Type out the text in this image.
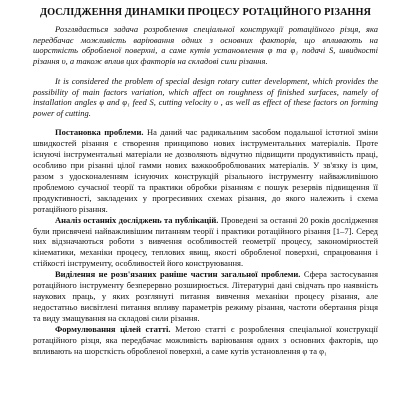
ДОСЛІДЖЕННЯ ДИНАМІКИ ПРОЦЕСУ РОТАЦІЙНОГО РІЗАННЯ

Розглядається задача розроблення спеціальної конструкції ротаційного різця, яка передбачає можливість варіювання одних з основних факторів, що впливають на шорсткість обробленої поверхні, а саме кутів установлення φ та φ₁ подачі S, швидкості різання υ, а також вплив цих факторів на складові сили різання.

It is considered the problem of special design rotary cutter development, which provides the possibility of main factors variation, which affect on roughness of finished surfaces, namely of installation angles φ and φ₁ feed S, cutting velocity υ , as well as effect of these factors on forming power of cutting.

Постановка проблеми. На даний час радикальним засобом подальшої істотної зміни швидкостей різання є створення принципово нових інструментальних матеріалів. Проте існуючі інструментальні матеріали не дозволяють відчутно підвищити продуктивність праці, особливо при різанні цілої гамми нових важкооброблюваних матеріалів. У зв'язку із цим, разом з удосконаленням існуючих конструкцій різального інструменту найважливішою проблемою сучасної теорії та практики обробки різанням є пошук резервів підвищення її продуктивності, закладених у прогресивних схемах різання, до якого належить і схема ротаційного різання.

Аналіз останніх досліджень та публікацій. Проведені за останні 20 років дослідження були присвячені найважливішим питанням теорії і практики ротаційного різання [1–7]. Серед них відзначаються роботи з вивчення особливостей геометрії процесу, закономірностей кінематики, механіки процесу, теплових явищ, якості обробленої поверхні, спрацювання і стійкості інструменту, особливостей його конструювання.

Виділення не розв'язаних раніше частин загальної проблеми. Сфера застосування ротаційного інструменту безперервно розширюється. Літературні дані свідчать про наявність наукових праць, у яких розглянуті питання вивчення механіки процесу різання, але недостатньо висвітлені питання впливу параметрів режиму різання, частоти обертання різця та виду змащування на складові сили різання.

Формулювання цілей статті. Метою статті є розроблення спеціальної конструкції ротаційного різця, яка передбачає можливість варіювання одних з основних факторів, що впливають на шорсткість обробленої поверхні, а саме кутів установлення φ та φ₁
